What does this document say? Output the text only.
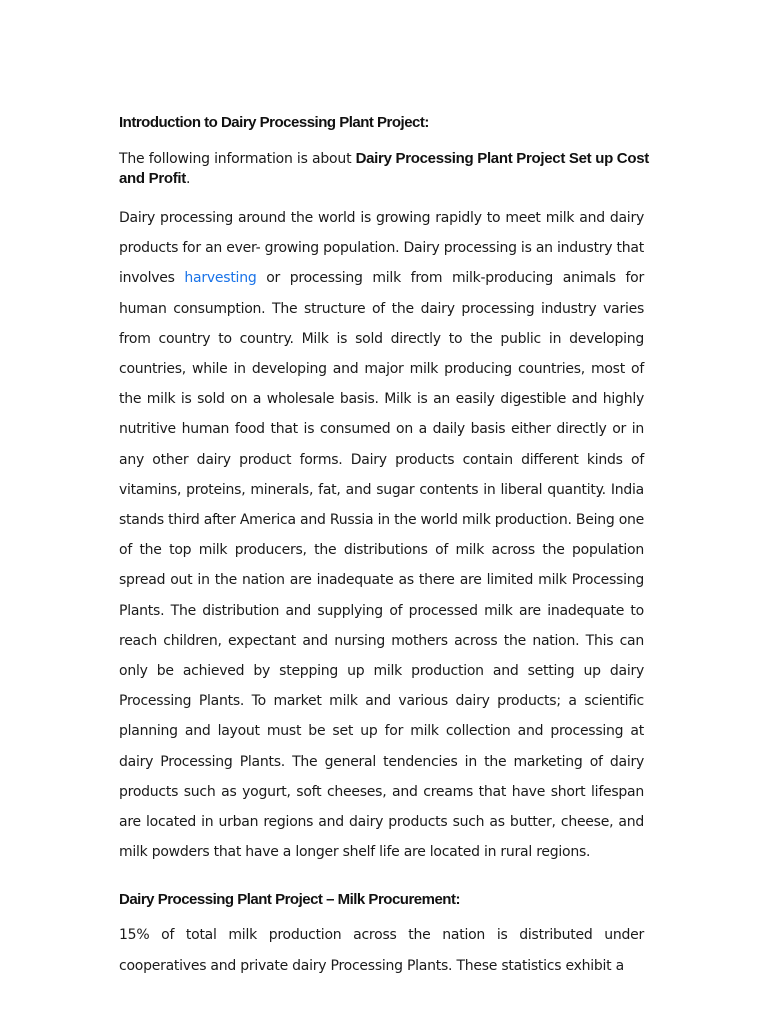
Introduction to Dairy Processing Plant Project:

The following information is about Dairy Processing Plant Project Set up Cost and Profit.

Dairy processing around the world is growing rapidly to meet milk and dairy products for an ever- growing population. Dairy processing is an industry that involves harvesting or processing milk from milk-producing animals for human consumption. The structure of the dairy processing industry varies from country to country. Milk is sold directly to the public in developing countries, while in developing and major milk producing countries, most of the milk is sold on a wholesale basis. Milk is an easily digestible and highly nutritive human food that is consumed on a daily basis either directly or in any other dairy product forms. Dairy products contain different kinds of vitamins, proteins, minerals, fat, and sugar contents in liberal quantity. India stands third after America and Russia in the world milk production. Being one of the top milk producers, the distributions of milk across the population spread out in the nation are inadequate as there are limited milk Processing Plants. The distribution and supplying of processed milk are inadequate to reach children, expectant and nursing mothers across the nation. This can only be achieved by stepping up milk production and setting up dairy Processing Plants. To market milk and various dairy products; a scientific planning and layout must be set up for milk collection and processing at dairy Processing Plants. The general tendencies in the marketing of dairy products such as yogurt, soft cheeses, and creams that have short lifespan are located in urban regions and dairy products such as butter, cheese, and milk powders that have a longer shelf life are located in rural regions.

Dairy Processing Plant Project – Milk Procurement:

15% of total milk production across the nation is distributed under cooperatives and private dairy Processing Plants. These statistics exhibit a
